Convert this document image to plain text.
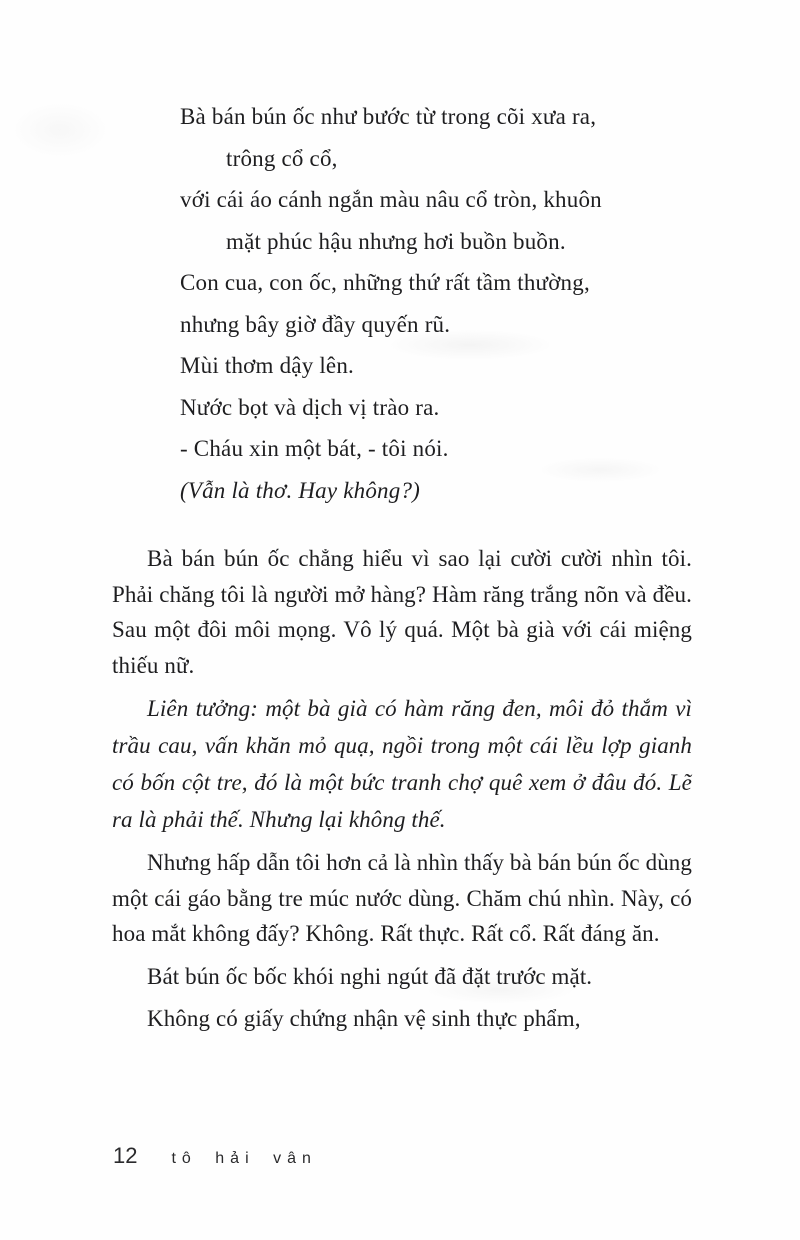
Bà bán bún ốc như bước từ trong cõi xưa ra,
trông cổ cổ,
với cái áo cánh ngắn màu nâu cổ tròn, khuôn
mặt phúc hậu nhưng hơi buồn buồn.
Con cua, con ốc, những thứ rất tầm thường,
nhưng bây giờ đầy quyến rũ.
Mùi thơm dậy lên.
Nước bọt và dịch vị trào ra.
- Cháu xin một bát, - tôi nói.
(Vẫn là thơ. Hay không?)

Bà bán bún ốc chẳng hiểu vì sao lại cười cười nhìn tôi. Phải chăng tôi là người mở hàng? Hàm răng trắng nõn và đều. Sau một đôi môi mọng. Vô lý quá. Một bà già với cái miệng thiếu nữ.

Liên tưởng: một bà già có hàm răng đen, môi đỏ thắm vì trầu cau, vấn khăn mỏ quạ, ngồi trong một cái lều lợp gianh có bốn cột tre, đó là một bức tranh chợ quê xem ở đâu đó. Lẽ ra là phải thế. Nhưng lại không thế.

Nhưng hấp dẫn tôi hơn cả là nhìn thấy bà bán bún ốc dùng một cái gáo bằng tre múc nước dùng. Chăm chú nhìn. Này, có hoa mắt không đấy? Không. Rất thực. Rất cổ. Rất đáng ăn.

Bát bún ốc bốc khói nghi ngút đã đặt trước mặt.

Không có giấy chứng nhận vệ sinh thực phẩm,

12 tô hải vân
